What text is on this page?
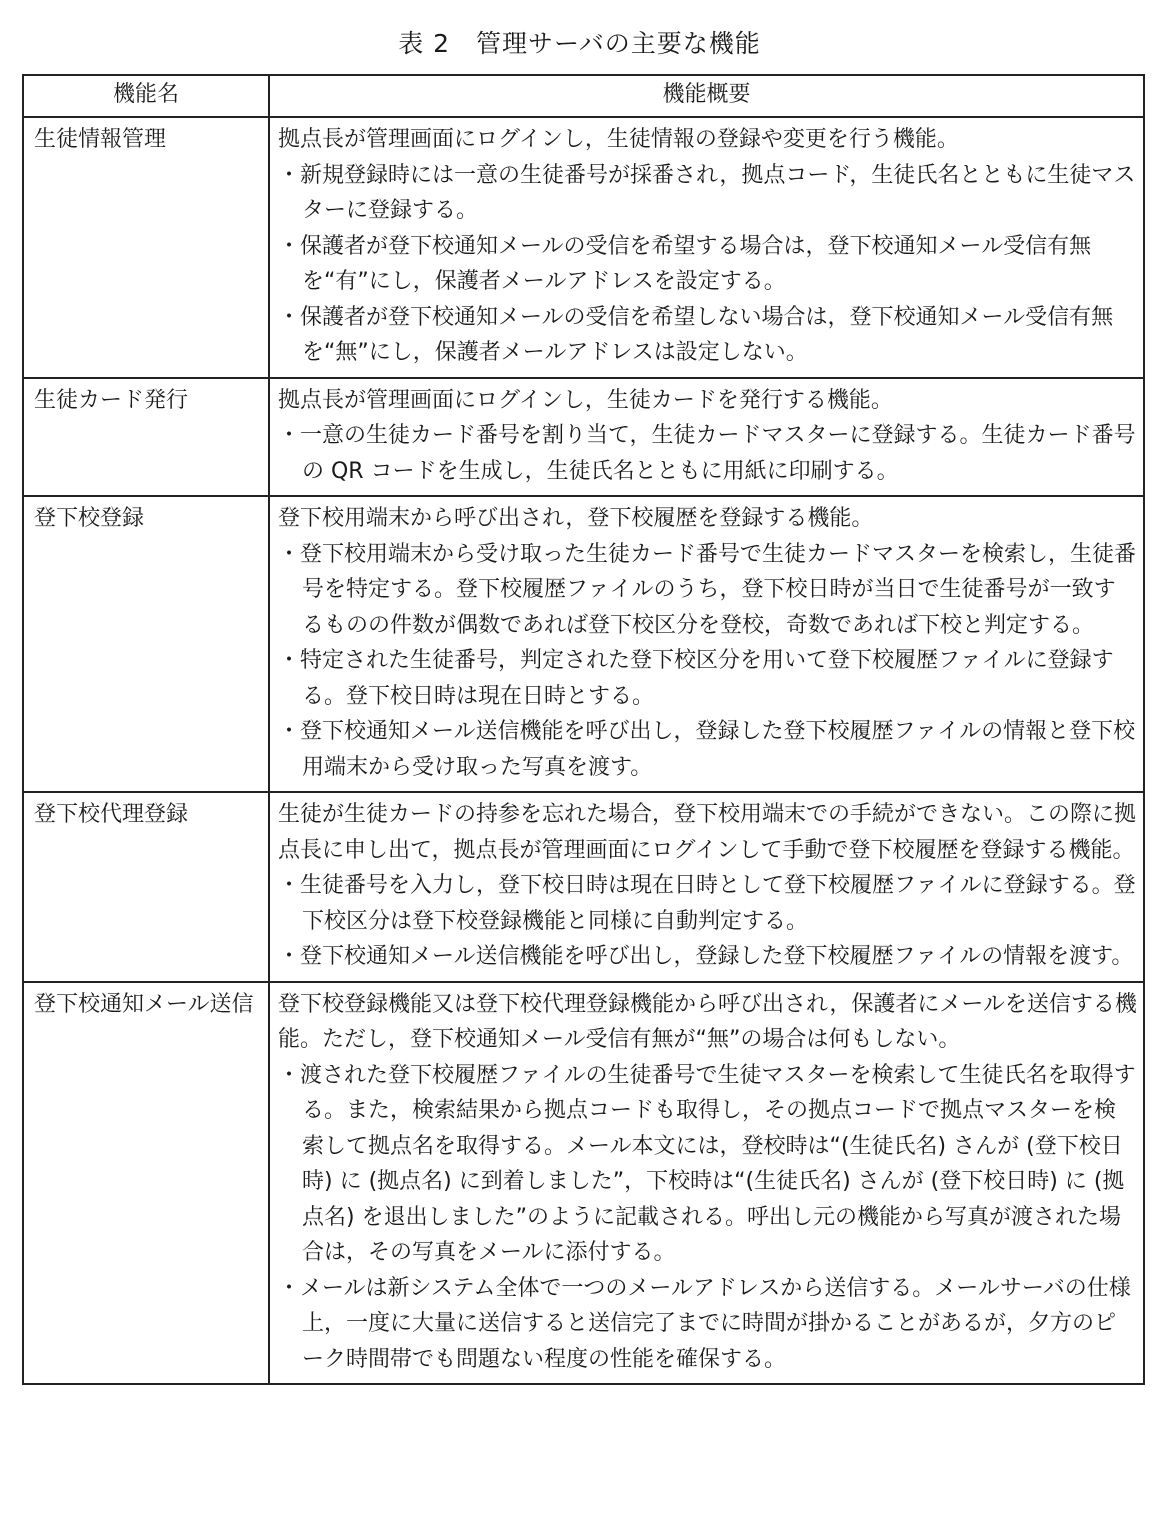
表 2　管理サーバの主要な機能
機能名	機能概要
生徒情報管理	拠点長が管理画面にログインし，生徒情報の登録や変更を行う機能。

・新規登録時には一意の生徒番号が採番され，拠点コード，生徒氏名とともに生徒マスターに登録する。

・保護者が登下校通知メールの受信を希望する場合は，登下校通知メール受信有無を“有”にし，保護者メールアドレスを設定する。

・保護者が登下校通知メールの受信を希望しない場合は，登下校通知メール受信有無を“無”にし，保護者メールアドレスは設定しない。

生徒カード発行	拠点長が管理画面にログインし，生徒カードを発行する機能。

・一意の生徒カード番号を割り当て，生徒カードマスターに登録する。生徒カード番号の QR コードを生成し，生徒氏名とともに用紙に印刷する。

登下校登録	登下校用端末から呼び出され，登下校履歴を登録する機能。

・登下校用端末から受け取った生徒カード番号で生徒カードマスターを検索し，生徒番号を特定する。登下校履歴ファイルのうち，登下校日時が当日で生徒番号が一致するものの件数が偶数であれば登下校区分を登校，奇数であれば下校と判定する。

・特定された生徒番号，判定された登下校区分を用いて登下校履歴ファイルに登録する。登下校日時は現在日時とする。

・登下校通知メール送信機能を呼び出し，登録した登下校履歴ファイルの情報と登下校用端末から受け取った写真を渡す。

登下校代理登録	生徒が生徒カードの持参を忘れた場合，登下校用端末での手続ができない。この際に拠点長に申し出て，拠点長が管理画面にログインして手動で登下校履歴を登録する機能。

・生徒番号を入力し，登下校日時は現在日時として登下校履歴ファイルに登録する。登下校区分は登下校登録機能と同様に自動判定する。

・登下校通知メール送信機能を呼び出し，登録した登下校履歴ファイルの情報を渡す。

登下校通知メール送信	登下校登録機能又は登下校代理登録機能から呼び出され，保護者にメールを送信する機能。ただし，登下校通知メール受信有無が“無”の場合は何もしない。

・渡された登下校履歴ファイルの生徒番号で生徒マスターを検索して生徒氏名を取得する。また，検索結果から拠点コードも取得し，その拠点コードで拠点マスターを検索して拠点名を取得する。メール本文には，登校時は“(生徒氏名) さんが (登下校日時) に (拠点名) に到着しました”，下校時は“(生徒氏名) さんが (登下校日時) に (拠点名) を退出しました”のように記載される。呼出し元の機能から写真が渡された場合は，その写真をメールに添付する。

・メールは新システム全体で一つのメールアドレスから送信する。メールサーバの仕様上，一度に大量に送信すると送信完了までに時間が掛かることがあるが，夕方のピーク時間帯でも問題ない程度の性能を確保する。
